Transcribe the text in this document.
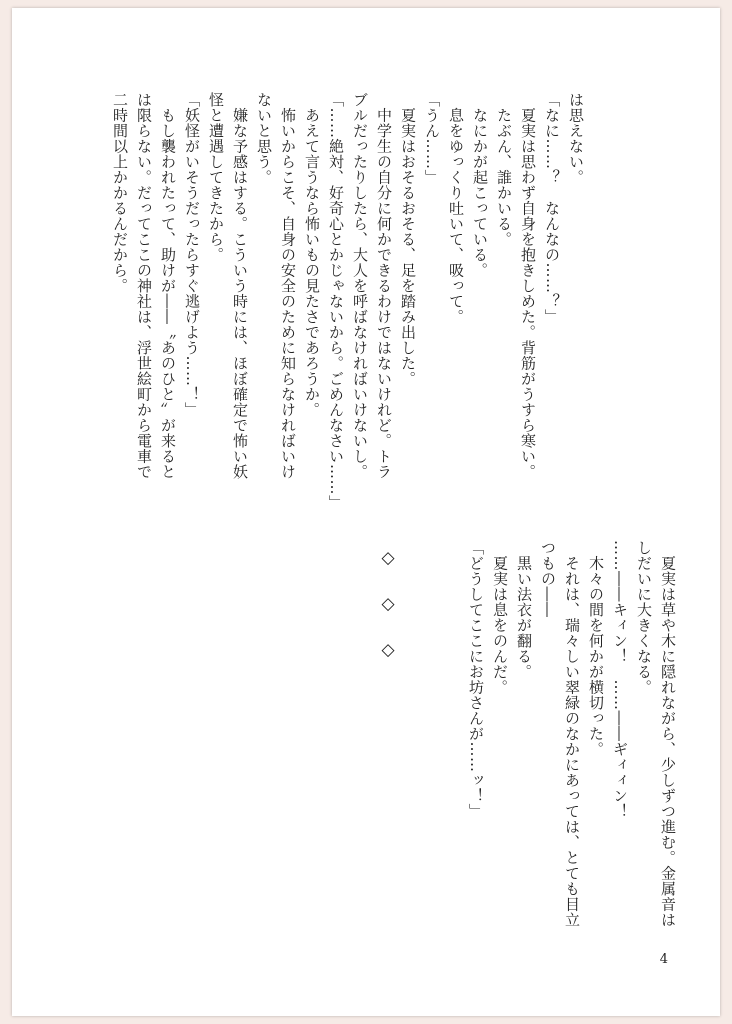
は思えない。
「なに……？　なんなの……？」
　夏実は思わず自身を抱きしめた。背筋がうすら寒い。
　たぶん、誰かいる。
　なにかが起こっている。
　息をゆっくり吐いて、吸って。
「うん……」
　夏実はおそるおそる、足を踏み出した。
　中学生の自分に何かできるわけではないけれど。トラ
ブルだったりしたら、大人を呼ばなければいけないし。
「……絶対、好奇心とかじゃないから。ごめんなさい……」
　あえて言うなら怖いもの見たさであろうか。
　怖いからこそ、自身の安全のために知らなければいけ
ないと思う。
　嫌な予感はする。こういう時には、ほぼ確定で怖い妖
怪と遭遇してきたから。
「妖怪がいそうだったらすぐ逃げよう……！」
　もし襲われたって、助けが――〝あのひと〟が来ると
は限らない。だってここの神社は、浮世絵町から電車で
二時間以上かかるんだから。
　夏実は草や木に隠れながら、少しずつ進む。金属音は
しだいに大きくなる。
……――キィン！　……――ギィィン！
　木々の間を何かが横切った。
　それは、瑞々しい翠緑のなかにあっては、とても目立
つもの――
　黒い法衣が翻る。
　夏実は息をのんだ。
「どうしてここにお坊さんが……ッ！」
◇◇◇
4
